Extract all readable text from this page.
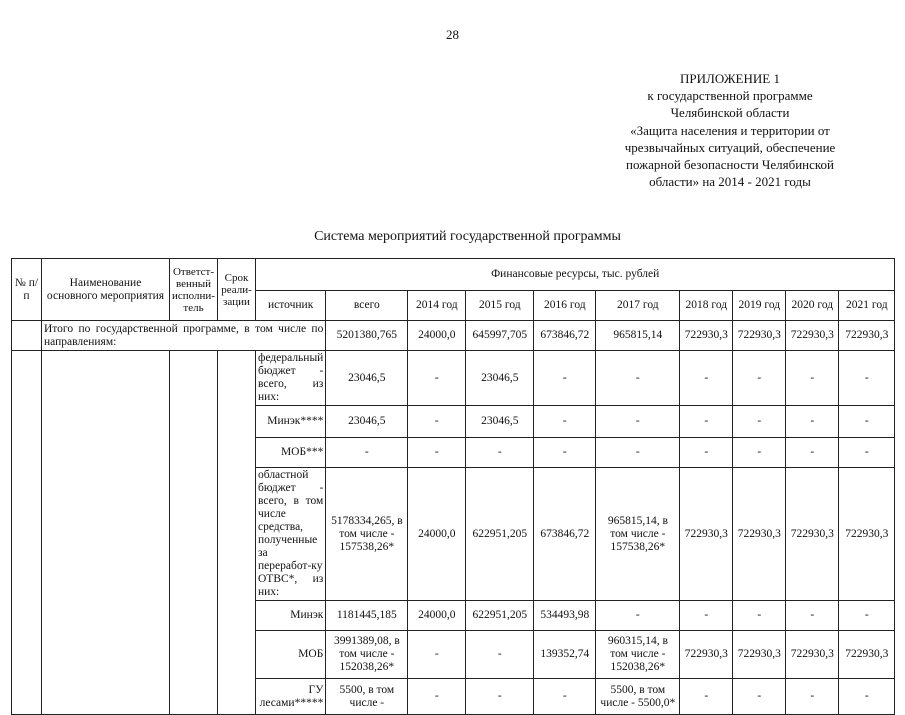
28
ПРИЛОЖЕНИЕ 1
к государственной программе
Челябинской области
«Защита населения и территории от
чрезвычайных ситуаций, обеспечение
пожарной безопасности Челябинской
области» на 2014 - 2021 годы
Система мероприятий государственной программы
№ п/п	Наименование основного мероприятия	Ответст-венный исполни-тель	Срок реали-зации	Финансовые ресурсы, тыс. рублей									
				источник	всего	2014 год	2015 год	2016 год	2017 год	2018 год	2019 год	2020 год	2021 год
	Итого по государственной программе, в том числе по направлениям:				5201380,765	24000,0	645997,705	673846,72	965815,14	722930,3	722930,3	722930,3	722930,3
				федеральный бюджет - всего, из них:	23046,5	-	23046,5	-	-	-	-	-	-
				Минэк****	23046,5	-	23046,5	-	-	-	-	-	-
				МОБ***	-	-	-	-	-	-	-	-	-
				областной бюджет - всего, в том числе средства, полученные за переработ-ку ОТВС*, из них:	5178334,265, в том числе - 157538,26*	24000,0	622951,205	673846,72	965815,14, в том числе - 157538,26*	722930,3	722930,3	722930,3	722930,3
				Минэк	1181445,185	24000,0	622951,205	534493,98	-	-	-	-	-
				МОБ	3991389,08, в том числе - 152038,26*	-	-	139352,74	960315,14, в том числе - 152038,26*	722930,3	722930,3	722930,3	722930,3
				ГУ лесами*****	5500, в том числе -	-	-	-	5500, в том числе - 5500,0*	-	-	-	-
